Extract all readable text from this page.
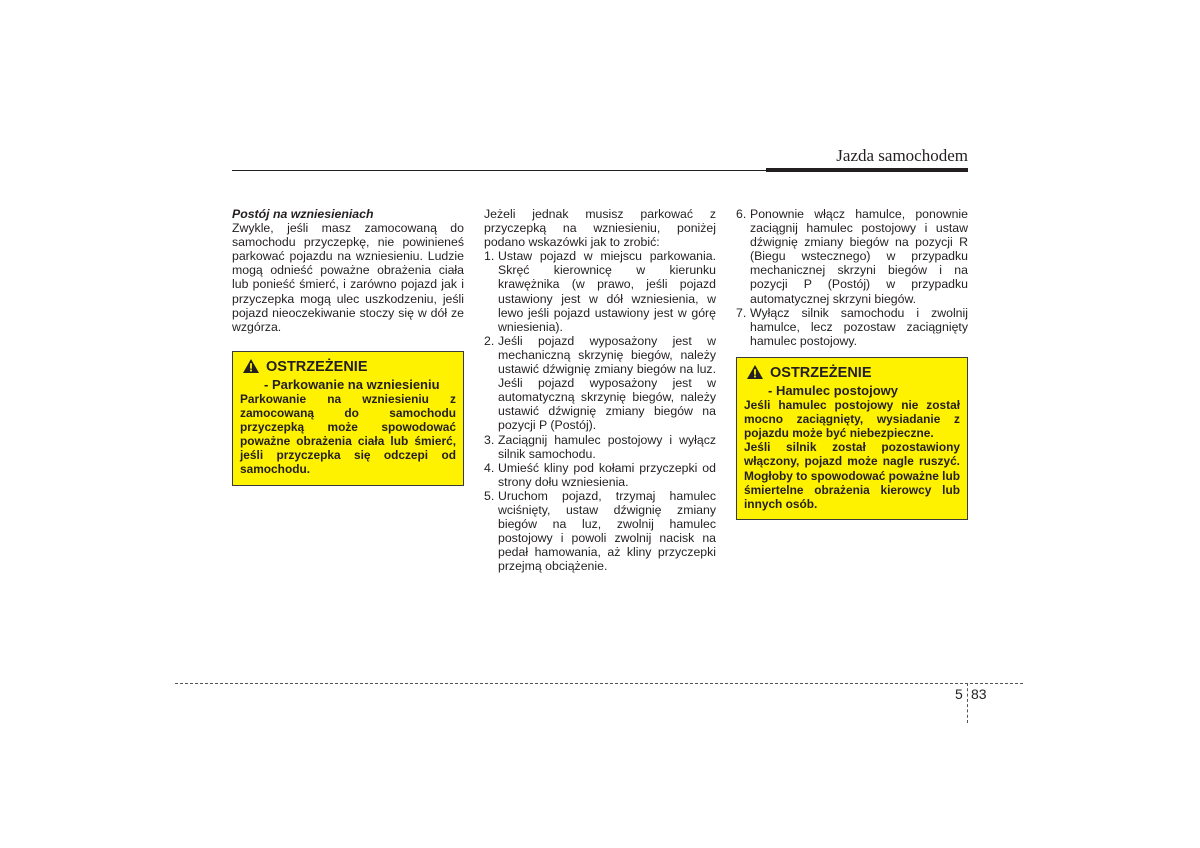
Jazda samochodem

Postój na wzniesieniach

Zwykle, jeśli masz zamocowaną do samochodu przyczepkę, nie powinieneś parkować pojazdu na wzniesieniu. Ludzie mogą odnieść poważne obrażenia ciała lub ponieść śmierć, i zarówno pojazd jak i przyczepka mogą ulec uszkodzeniu, jeśli pojazd nieoczekiwanie stoczy się w dół ze wzgórza.

OSTRZEŻENIE
- Parkowanie na wzniesieniu

Parkowanie na wzniesieniu z zamocowaną do samochodu przyczepką może spowodować poważne obrażenia ciała lub śmierć, jeśli przyczepka się odczepi od samochodu.

Jeżeli jednak musisz parkować z przyczepką na wzniesieniu, poniżej podano wskazówki jak to zrobić:

1. Ustaw pojazd w miejscu parkowania. Skręć kierownicę w kierunku krawężnika (w prawo, jeśli pojazd ustawiony jest w dół wzniesienia, w lewo jeśli pojazd ustawiony jest w górę wniesienia).
2. Jeśli pojazd wyposażony jest w mechaniczną skrzynię biegów, należy ustawić dźwignię zmiany biegów na luz. Jeśli pojazd wyposażony jest w automatyczną skrzynię biegów, należy ustawić dźwignię zmiany biegów na pozycji P (Postój).
3. Zaciągnij hamulec postojowy i wyłącz silnik samochodu.
4. Umieść kliny pod kołami przyczepki od strony dołu wzniesienia.
5. Uruchom pojazd, trzymaj hamulec wciśnięty, ustaw dźwignię zmiany biegów na luz, zwolnij hamulec postojowy i powoli zwolnij nacisk na pedał hamowania, aż kliny przyczepki przejmą obciążenie.
6. Ponownie włącz hamulce, ponownie zaciągnij hamulec postojowy i ustaw dźwignię zmiany biegów na pozycji R (Biegu wstecznego) w przypadku mechanicznej skrzyni biegów i na pozycji P (Postój) w przypadku automatycznej skrzyni biegów.
7. Wyłącz silnik samochodu i zwolnij hamulce, lecz pozostaw zaciągnięty hamulec postojowy.
OSTRZEŻENIE
- Hamulec postojowy

Jeśli hamulec postojowy nie został mocno zaciągnięty, wysiadanie z pojazdu może być niebezpieczne.

Jeśli silnik został pozostawiony włączony, pojazd może nagle ruszyć. Mogłoby to spowodować poważne lub śmiertelne obrażenia kierowcy lub innych osób.

5 83
